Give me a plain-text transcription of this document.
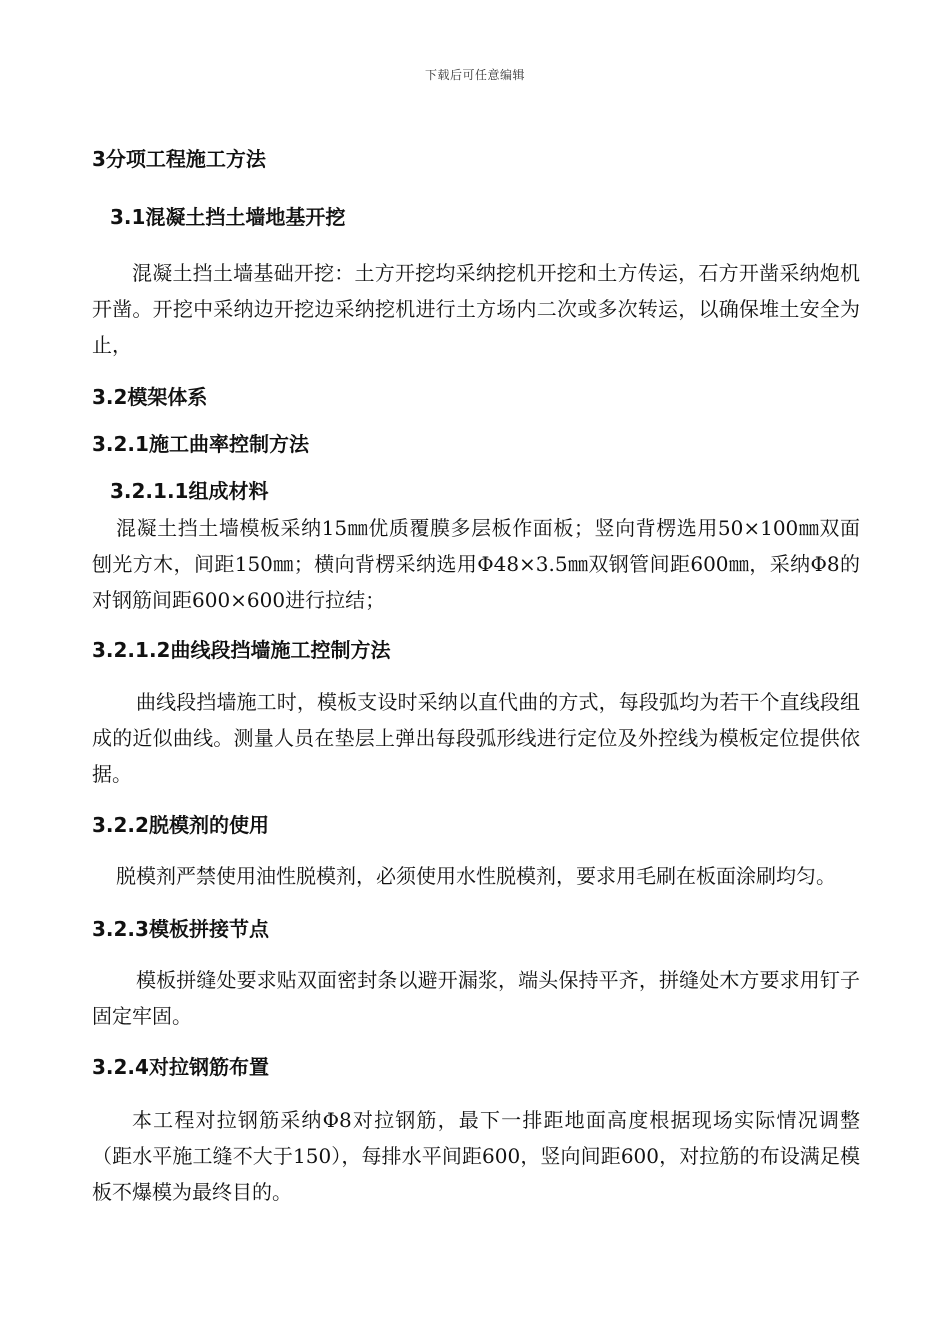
下载后可任意编辑
3分项工程施工方法
3.1混凝土挡土墙地基开挖

混凝土挡土墙基础开挖：土方开挖均采纳挖机开挖和土方传运，石方开凿采纳炮机开凿。开挖中采纳边开挖边采纳挖机进行土方场内二次或多次转运，以确保堆土安全为止，

3.2模架体系
3.2.1施工曲率控制方法
3.2.1.1组成材料

混凝土挡土墙模板采纳15㎜优质覆膜多层板作面板；竖向背楞选用50×100㎜双面刨光方木，间距150㎜；横向背楞采纳选用Φ48×3.5㎜双钢管间距600㎜，采纳Φ8的对钢筋间距600×600进行拉结；

3.2.1.2曲线段挡墙施工控制方法

曲线段挡墙施工时，模板支设时采纳以直代曲的方式，每段弧均为若干个直线段组成的近似曲线。测量人员在垫层上弹出每段弧形线进行定位及外控线为模板定位提供依据。

3.2.2脱模剂的使用

脱模剂严禁使用油性脱模剂，必须使用水性脱模剂，要求用毛刷在板面涂刷均匀。

3.2.3模板拼接节点

模板拼缝处要求贴双面密封条以避开漏浆，端头保持平齐，拼缝处木方要求用钉子固定牢固。

3.2.4对拉钢筋布置

本工程对拉钢筋采纳Φ8对拉钢筋，最下一排距地面高度根据现场实际情况调整（距水平施工缝不大于150），每排水平间距600，竖向间距600，对拉筋的布设满足模板不爆模为最终目的。
